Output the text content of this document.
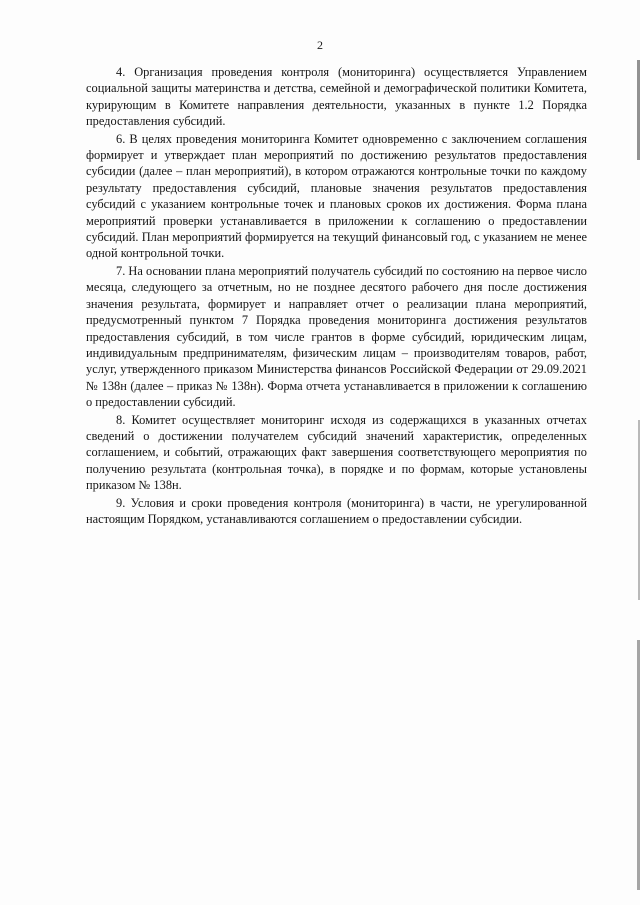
2

4. Организация проведения контроля (мониторинга) осуществляется Управлением социальной защиты материнства и детства, семейной и демографической политики Комитета, курирующим в Комитете направления деятельности, указанных в пункте 1.2 Порядка предоставления субсидий.

6. В целях проведения мониторинга Комитет одновременно с заключением соглашения формирует и утверждает план мероприятий по достижению результатов предоставления субсидии (далее – план мероприятий), в котором отражаются контрольные точки по каждому результату предоставления субсидий, плановые значения результатов предоставления субсидий с указанием контрольные точек и плановых сроков их достижения. Форма плана мероприятий проверки устанавливается в приложении к соглашению о предоставлении субсидий. План мероприятий формируется на текущий финансовый год, с указанием не менее одной контрольной точки.

7. На основании плана мероприятий получатель субсидий по состоянию на первое число месяца, следующего за отчетным, но не позднее десятого рабочего дня после достижения значения результата, формирует и направляет отчет о реализации плана мероприятий, предусмотренный пунктом 7 Порядка проведения мониторинга достижения результатов предоставления субсидий, в том числе грантов в форме субсидий, юридическим лицам, индивидуальным предпринимателям, физическим лицам – производителям товаров, работ, услуг, утвержденного приказом Министерства финансов Российской Федерации от 29.09.2021 № 138н (далее – приказ № 138н). Форма отчета устанавливается в приложении к соглашению о предоставлении субсидий.

8. Комитет осуществляет мониторинг исходя из содержащихся в указанных отчетах сведений о достижении получателем субсидий значений характеристик, определенных соглашением, и событий, отражающих факт завершения соответствующего мероприятия по получению результата (контрольная точка), в порядке и по формам, которые установлены приказом № 138н.

9. Условия и сроки проведения контроля (мониторинга) в части, не урегулированной настоящим Порядком, устанавливаются соглашением о предоставлении субсидии.
